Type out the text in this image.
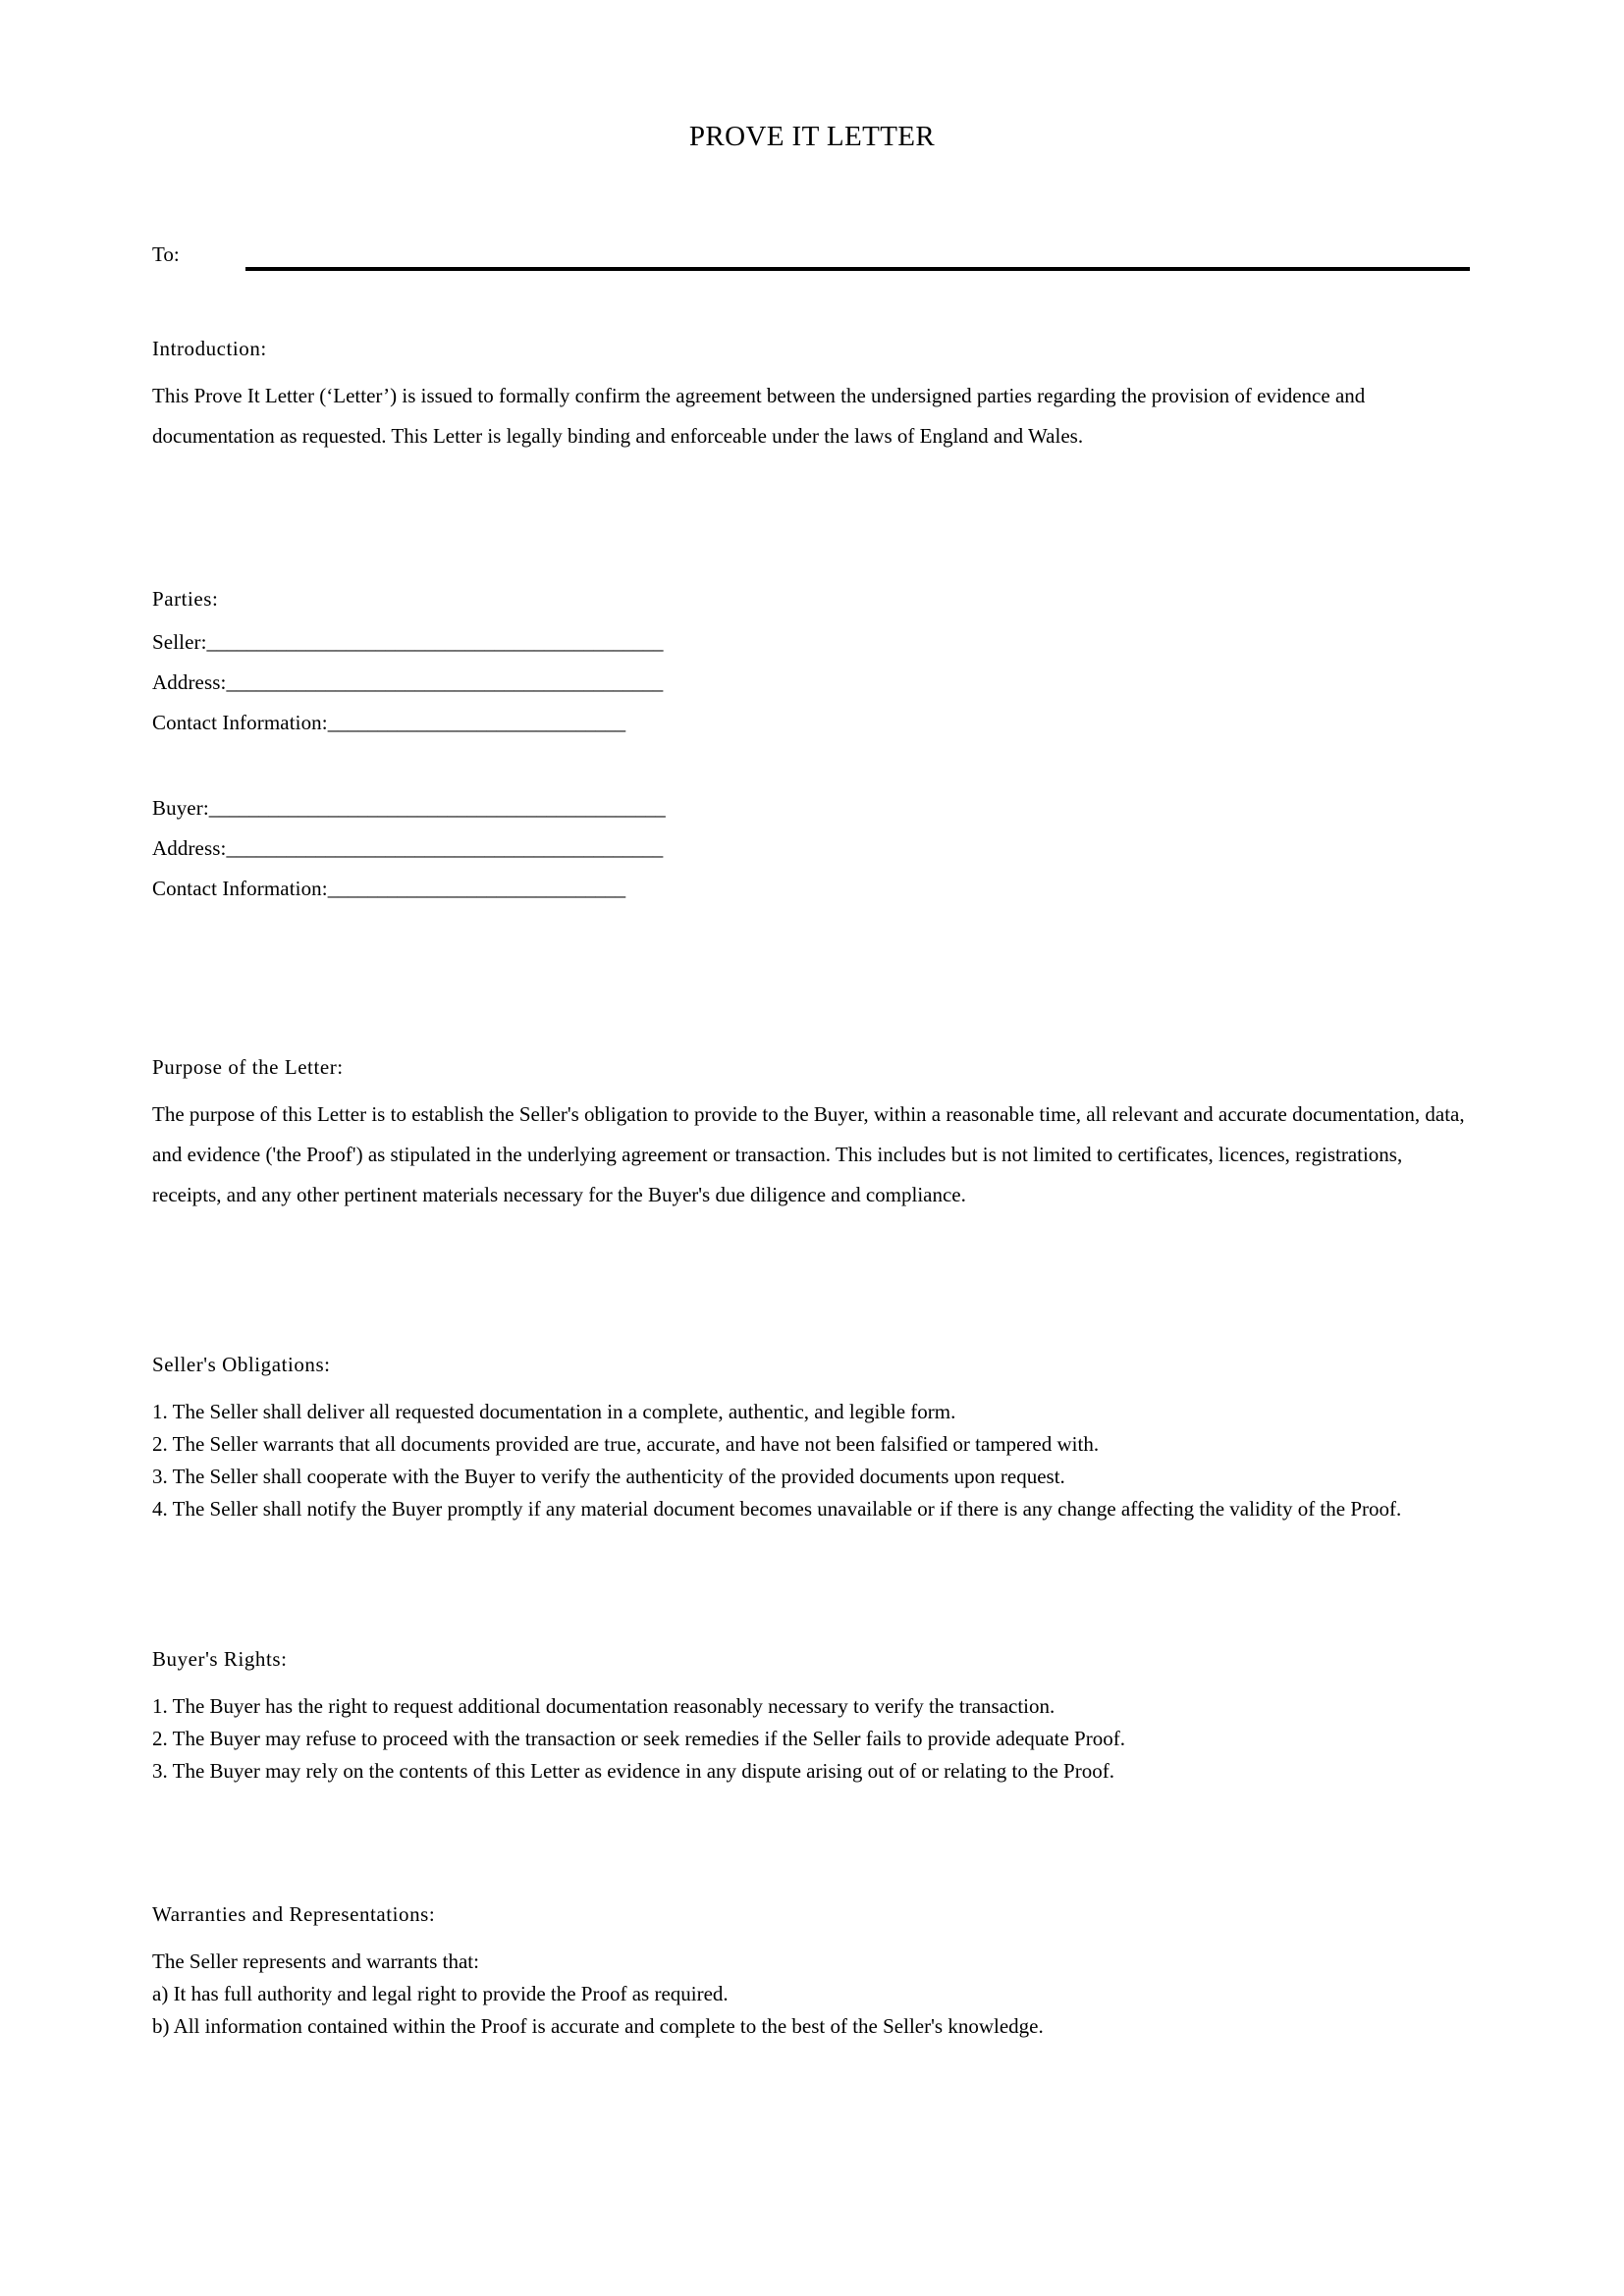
PROVE IT LETTER
To:

Introduction:

This Prove It Letter (‘Letter’) is issued to formally confirm the agreement between the undersigned parties regarding the provision of evidence and documentation as requested. This Letter is legally binding and enforceable under the laws of England and Wales.

Parties:

Seller:______________________________________________

Address:____________________________________________

Contact Information:______________________________

Buyer:______________________________________________

Address:____________________________________________

Contact Information:______________________________

Purpose of the Letter:

The purpose of this Letter is to establish the Seller's obligation to provide to the Buyer, within a reasonable time, all relevant and accurate documentation, data, and evidence ('the Proof') as stipulated in the underlying agreement or transaction. This includes but is not limited to certificates, licences, registrations, receipts, and any other pertinent materials necessary for the Buyer's due diligence and compliance.

Seller's Obligations:

1. The Seller shall deliver all requested documentation in a complete, authentic, and legible form.

2. The Seller warrants that all documents provided are true, accurate, and have not been falsified or tampered with.

3. The Seller shall cooperate with the Buyer to verify the authenticity of the provided documents upon request.

4. The Seller shall notify the Buyer promptly if any material document becomes unavailable or if there is any change affecting the validity of the Proof.

Buyer's Rights:

1. The Buyer has the right to request additional documentation reasonably necessary to verify the transaction.

2. The Buyer may refuse to proceed with the transaction or seek remedies if the Seller fails to provide adequate Proof.

3. The Buyer may rely on the contents of this Letter as evidence in any dispute arising out of or relating to the Proof.

Warranties and Representations:

The Seller represents and warrants that:

a) It has full authority and legal right to provide the Proof as required.

b) All information contained within the Proof is accurate and complete to the best of the Seller's knowledge.
